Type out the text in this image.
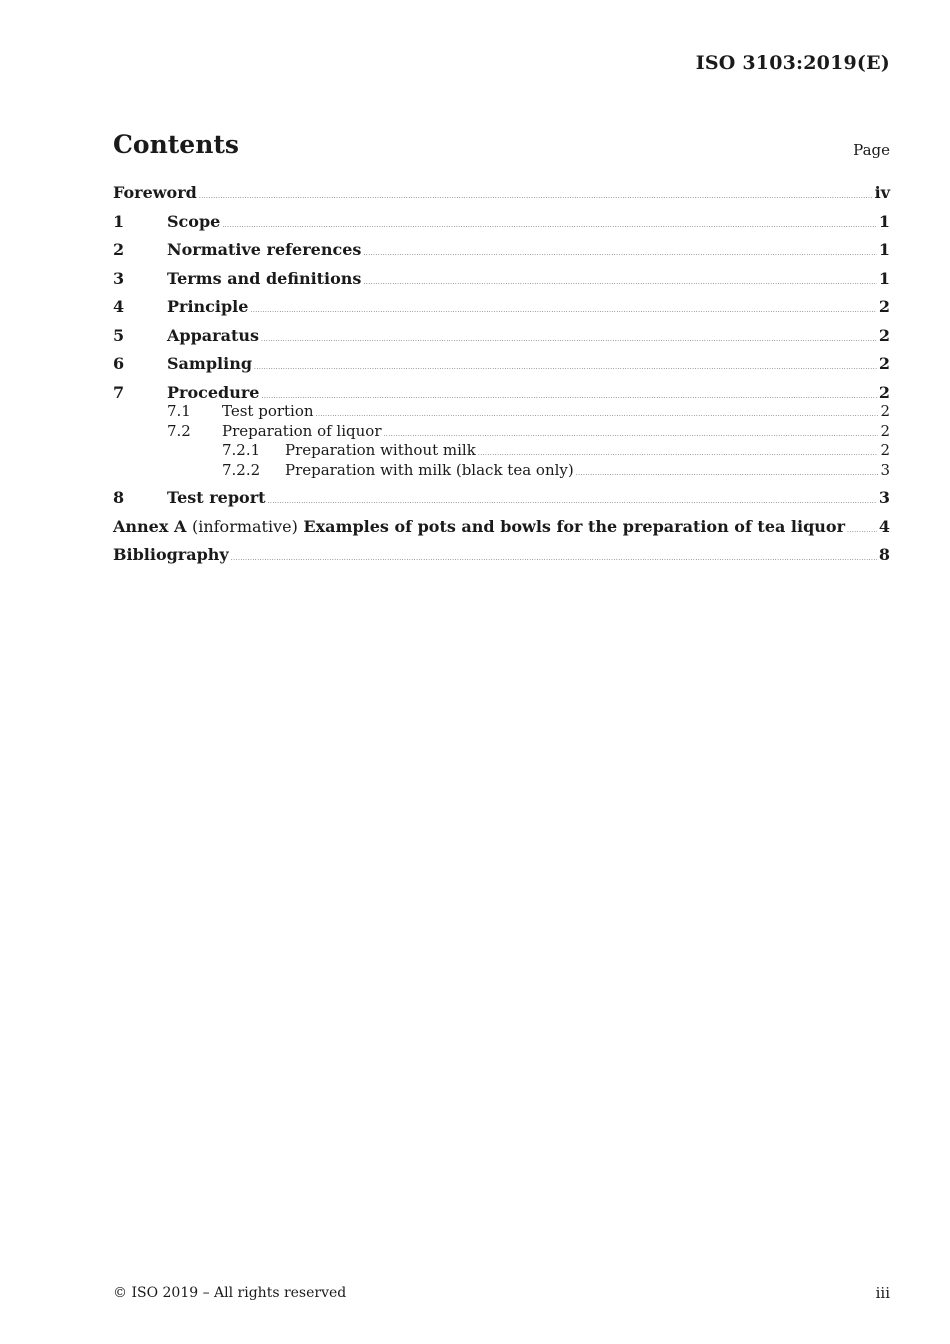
ISO 3103:2019(E)
Contents	Page
Foreword .....	iv
1	Scope .....	1
2	Normative references .....	1
3	Terms and definitions .....	1
4	Principle .....	2
5	Apparatus .....	2
6	Sampling .....	2
7	Procedure .....	2
7.1	Test portion .....	2
7.2	Preparation of liquor .....	2
7.2.1	Preparation without milk .....	2
7.2.2	Preparation with milk (black tea only) .....	3
8	Test report .....	3
Annex A (informative) Examples of pots and bowls for the preparation of tea liquor ..... 4
Bibliography .....	8
© ISO 2019 – All rights reserved	iii
